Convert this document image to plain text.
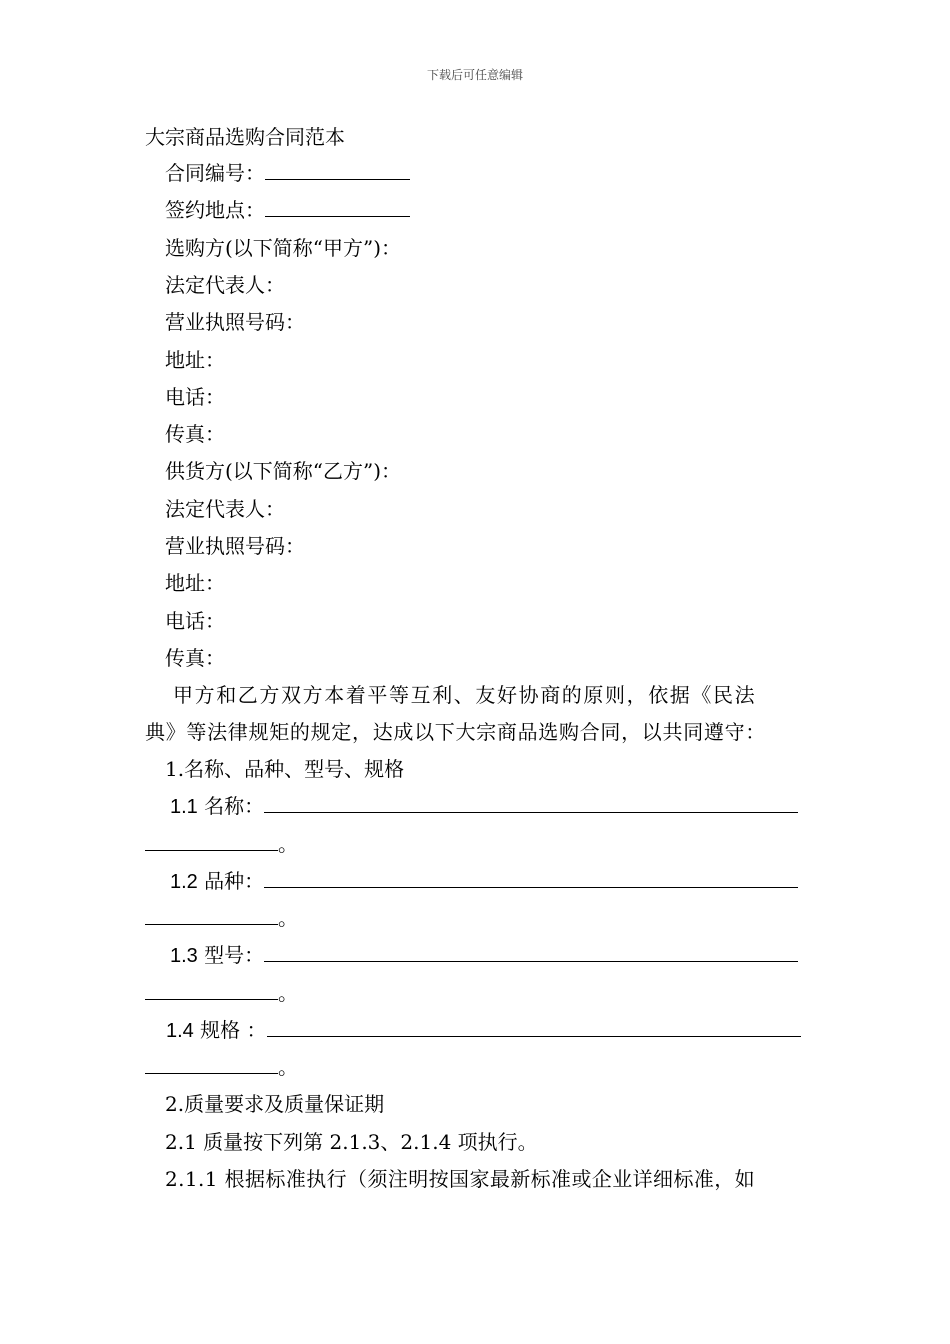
下载后可任意编辑
大宗商品选购合同范本
合同编号：
签约地点：
选购方(以下简称“甲方”)：
法定代表人：
营业执照号码：
地址：
电话：
传真：
供货方(以下简称“乙方”)：
法定代表人：
营业执照号码：
地址：
电话：
传真：
甲方和乙方双方本着平等互利、友好协商的原则，依据《民法
典》等法律规矩的规定，达成以下大宗商品选购合同，以共同遵守：
1.名称、品种、型号、规格
1.1 名称：
。
1.2 品种：
。
1.3 型号：
。
1.4 规格 ：
。
2.质量要求及质量保证期
2.1 质量按下列第 2.1.3、2.1.4 项执行。
2.1.1 根据标准执行（须注明按国家最新标准或企业详细标准，如
